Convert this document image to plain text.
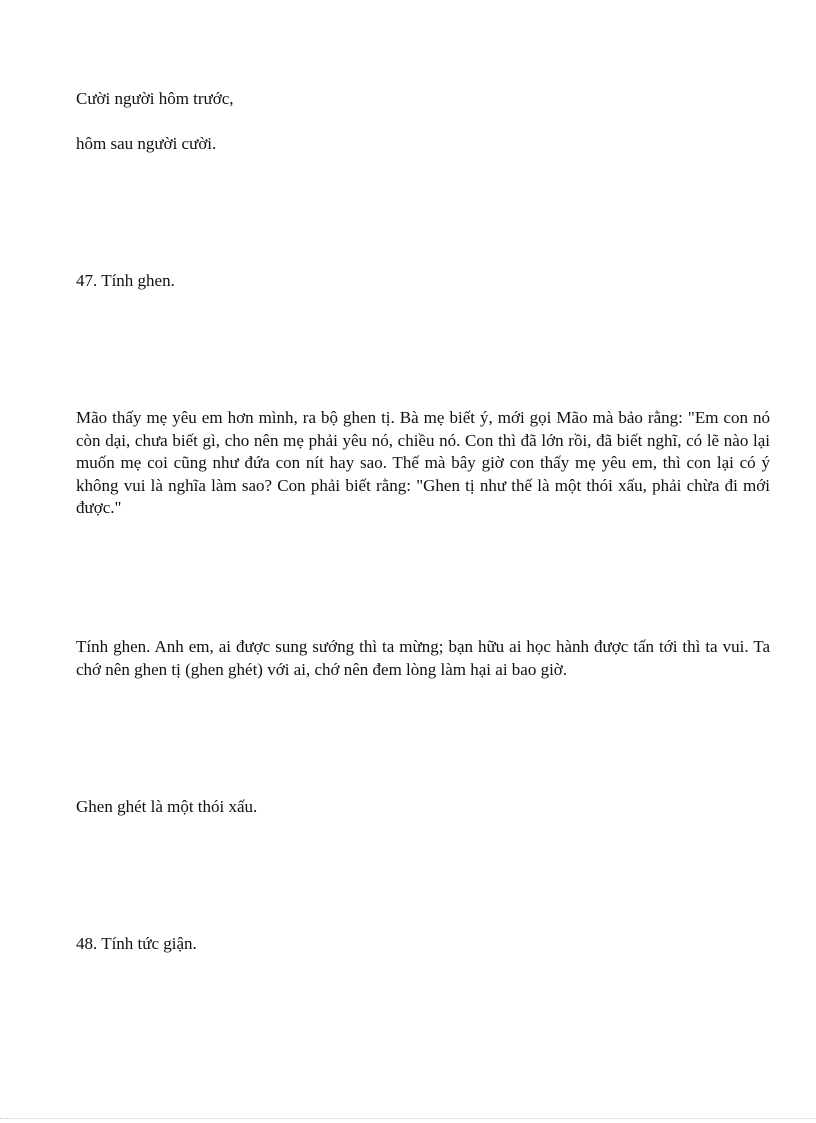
Cười người hôm trước,
hôm sau người cười.
47. Tính ghen.
Mão thấy mẹ yêu em hơn mình, ra bộ ghen tị. Bà mẹ biết ý, mới gọi Mão mà bảo rằng: "Em con nó còn dại, chưa biết gì, cho nên mẹ phải yêu nó, chiều nó. Con thì đã lớn rồi, đã biết nghĩ, có lẽ nào lại muốn mẹ coi cũng như đứa con nít hay sao. Thế mà bây giờ con thấy mẹ yêu em, thì con lại có ý không vui là nghĩa làm sao? Con phải biết rằng: "Ghen tị như thế là một thói xấu, phải chừa đi mới được."
Tính ghen. Anh em, ai được sung sướng thì ta mừng; bạn hữu ai học hành được tấn tới thì ta vui. Ta chớ nên ghen tị (ghen ghét) với ai, chớ nên đem lòng làm hại ai bao giờ.
Ghen ghét là một thói xấu.
48. Tính tức giận.
